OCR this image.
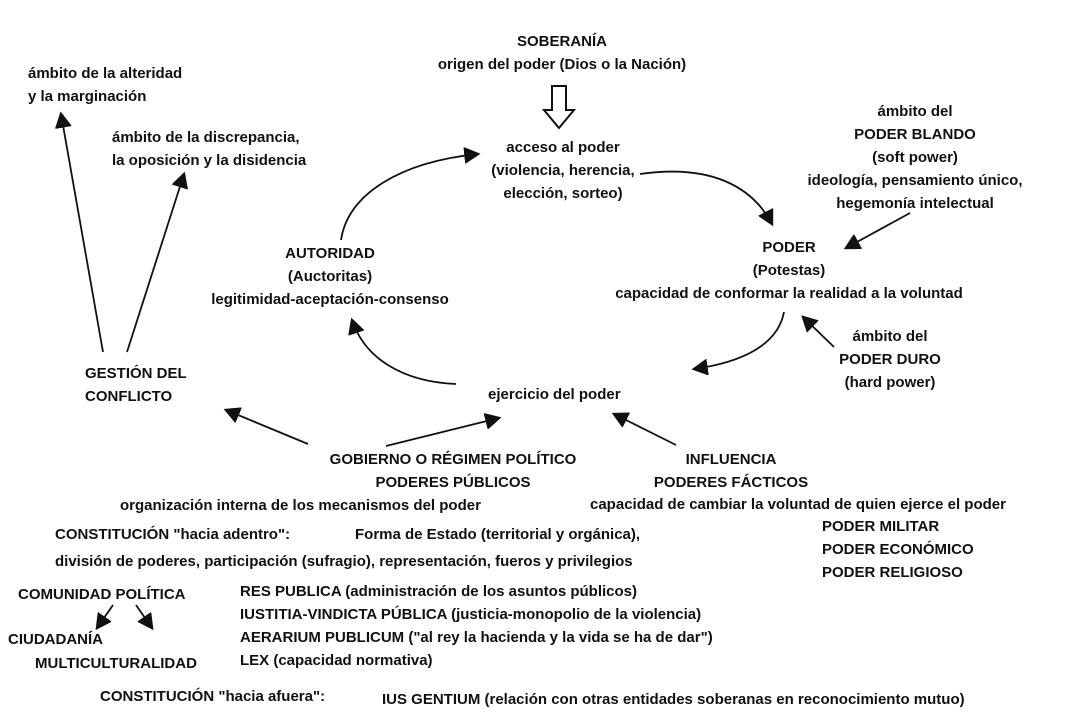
SOBERANÍA
origen del poder (Dios o la Nación)
ámbito de la alteridad
y la marginación
ámbito de la discrepancia,
la oposición y la disidencia
acceso al poder
(violencia, herencia,
elección, sorteo)
ámbito del
PODER BLANDO
(soft power)
ideología, pensamiento único,
hegemonía intelectual
AUTORIDAD
(Auctoritas)
legitimidad-aceptación-consenso
PODER
(Potestas)
capacidad de conformar la realidad a la voluntad
ámbito del
PODER DURO
(hard power)
ejercicio del poder
GESTIÓN DEL
CONFLICTO
GOBIERNO O RÉGIMEN POLÍTICO
PODERES PÚBLICOS
organización interna de los mecanismos del poder
INFLUENCIA
PODERES FÁCTICOS
capacidad de cambiar la voluntad de quien ejerce el poder
CONSTITUCIÓN "hacia adentro":	Forma de Estado (territorial y orgánica),
división de poderes, participación (sufragio), representación, fueros y privilegios
PODER MILITAR
PODER ECONÓMICO
PODER RELIGIOSO
COMUNIDAD POLÍTICA	RES PUBLICA (administración de los asuntos públicos)
IUSTITIA-VINDICTA PÚBLICA (justicia-monopolio de la violencia)
AERARIUM PUBLICUM ("al rey la hacienda y la vida se ha de dar")
LEX (capacidad normativa)
CIUDADANÍA
MULTICULTURALIDAD
CONSTITUCIÓN "hacia afuera":	IUS GENTIUM (relación con otras entidades soberanas en reconocimiento mutuo)
